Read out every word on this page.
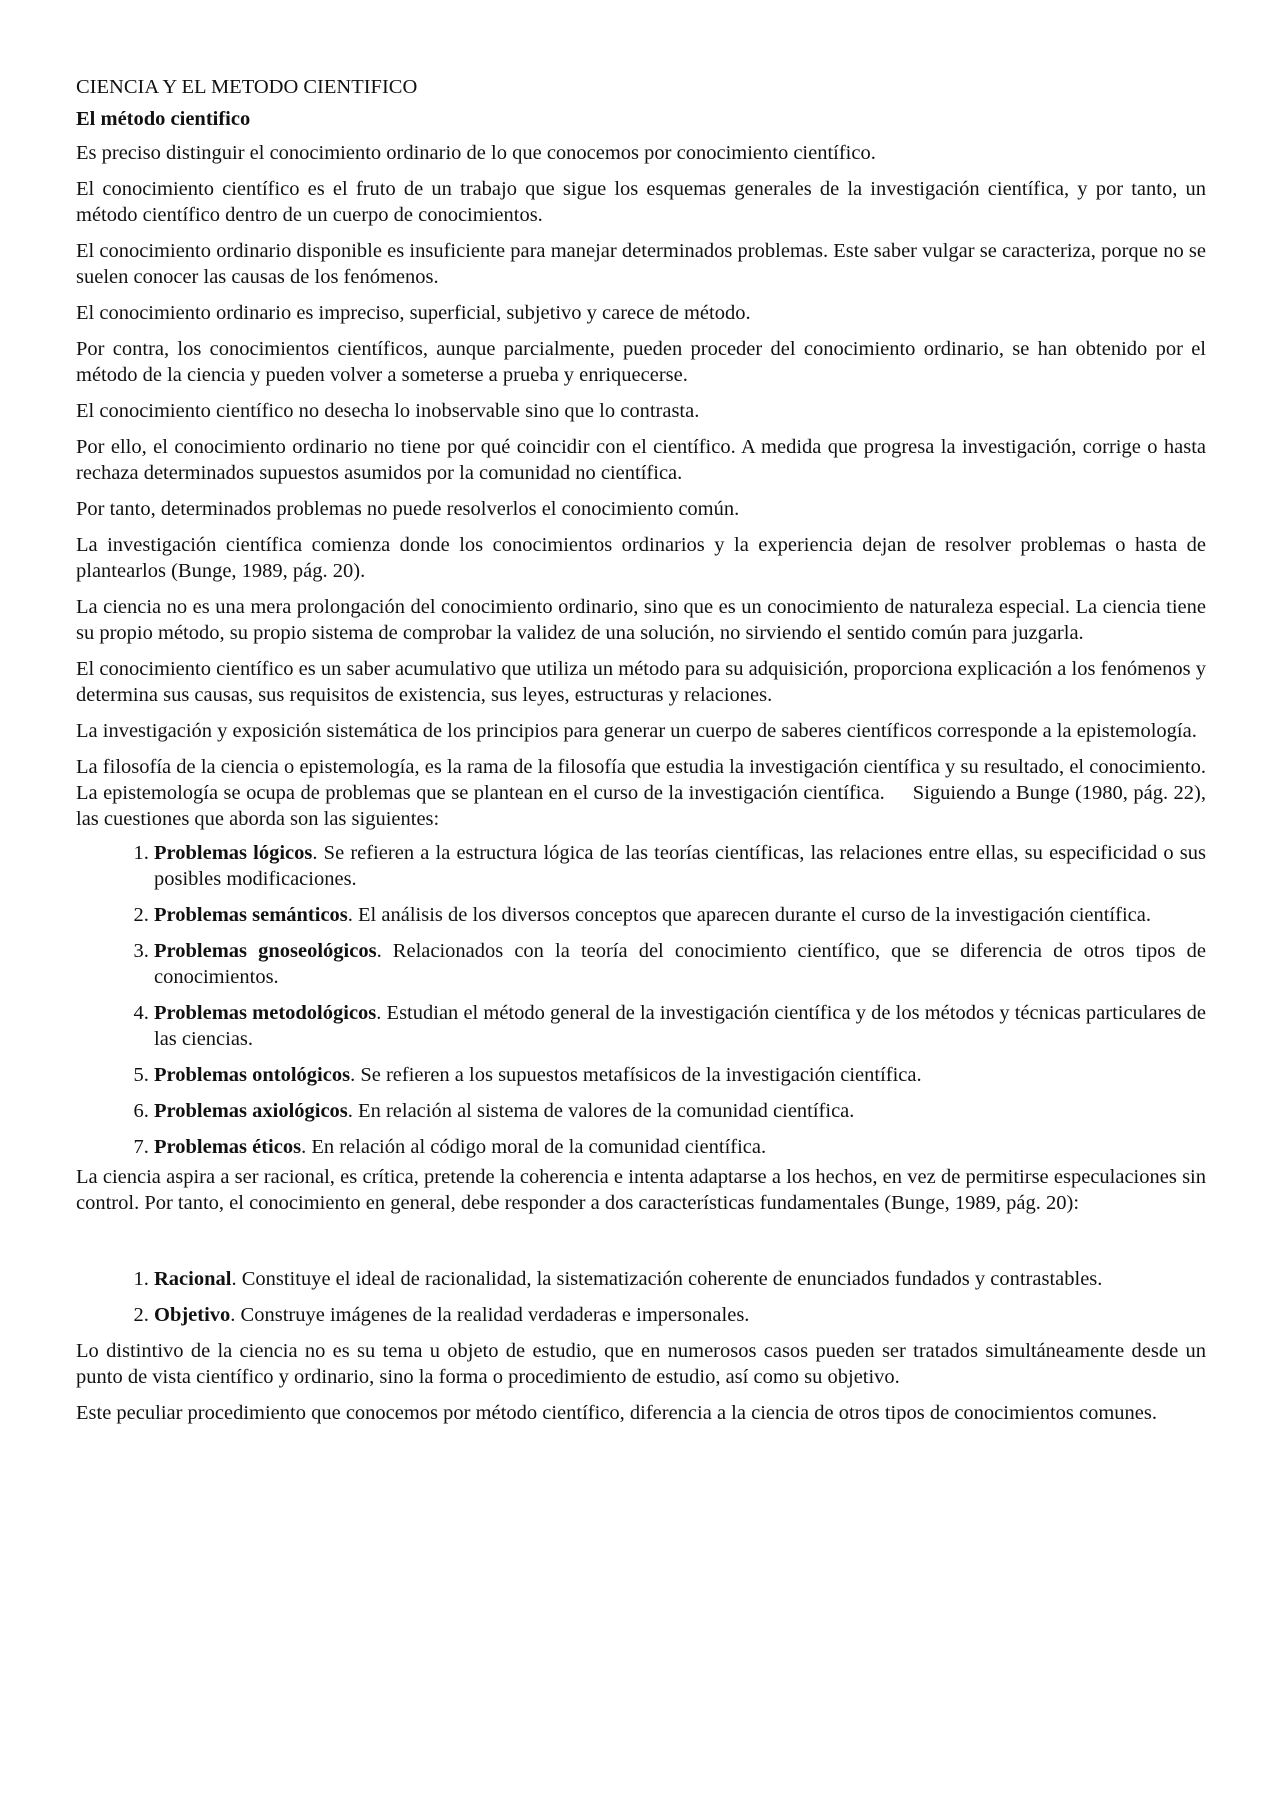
CIENCIA Y EL METODO CIENTIFICO
El método cientifico

Es preciso distinguir el conocimiento ordinario de lo que conocemos por conocimiento científico.

El conocimiento científico es el fruto de un trabajo que sigue los esquemas generales de la investigación científica, y por tanto, un método científico dentro de un cuerpo de conocimientos.

El conocimiento ordinario disponible es insuficiente para manejar determinados problemas. Este saber vulgar se caracteriza, porque no se suelen conocer las causas de los fenómenos.

El conocimiento ordinario es impreciso, superficial, subjetivo y carece de método.

Por contra, los conocimientos científicos, aunque parcialmente, pueden proceder del conocimiento ordinario, se han obtenido por el método de la ciencia y pueden volver a someterse a prueba y enriquecerse.

El conocimiento científico no desecha lo inobservable sino que lo contrasta.

Por ello, el conocimiento ordinario no tiene por qué coincidir con el científico. A medida que progresa la investigación, corrige o hasta rechaza determinados supuestos asumidos por la comunidad no científica.

Por tanto, determinados problemas no puede resolverlos el conocimiento común.

La investigación científica comienza donde los conocimientos ordinarios y la experiencia dejan de resolver problemas o hasta de plantearlos (Bunge, 1989, pág. 20).

La ciencia no es una mera prolongación del conocimiento ordinario, sino que es un conocimiento de naturaleza especial. La ciencia tiene su propio método, su propio sistema de comprobar la validez de una solución, no sirviendo el sentido común para juzgarla.

El conocimiento científico es un saber acumulativo que utiliza un método para su adquisición, proporciona explicación a los fenómenos y determina sus causas, sus requisitos de existencia, sus leyes, estructuras y relaciones.

La investigación y exposición sistemática de los principios para generar un cuerpo de saberes científicos corresponde a la epistemología.

La filosofía de la ciencia o epistemología, es la rama de la filosofía que estudia la investigación científica y su resultado, el conocimiento. La epistemología se ocupa de problemas que se plantean en el curso de la investigación científica. Siguiendo a Bunge (1980, pág. 22), las cuestiones que aborda son las siguientes:

1. Problemas lógicos. Se refieren a la estructura lógica de las teorías científicas, las relaciones entre ellas, su especificidad o sus posibles modificaciones.
2. Problemas semánticos. El análisis de los diversos conceptos que aparecen durante el curso de la investigación científica.
3. Problemas gnoseológicos. Relacionados con la teoría del conocimiento científico, que se diferencia de otros tipos de conocimientos.
4. Problemas metodológicos. Estudian el método general de la investigación científica y de los métodos y técnicas particulares de las ciencias.
5. Problemas ontológicos. Se refieren a los supuestos metafísicos de la investigación científica.
6. Problemas axiológicos. En relación al sistema de valores de la comunidad científica.
7. Problemas éticos. En relación al código moral de la comunidad científica.

La ciencia aspira a ser racional, es crítica, pretende la coherencia e intenta adaptarse a los hechos, en vez de permitirse especulaciones sin control. Por tanto, el conocimiento en general, debe responder a dos características fundamentales (Bunge, 1989, pág. 20):

1. Racional. Constituye el ideal de racionalidad, la sistematización coherente de enunciados fundados y contrastables.
2. Objetivo. Construye imágenes de la realidad verdaderas e impersonales.

Lo distintivo de la ciencia no es su tema u objeto de estudio, que en numerosos casos pueden ser tratados simultáneamente desde un punto de vista científico y ordinario, sino la forma o procedimiento de estudio, así como su objetivo.

Este peculiar procedimiento que conocemos por método científico, diferencia a la ciencia de otros tipos de conocimientos comunes.
